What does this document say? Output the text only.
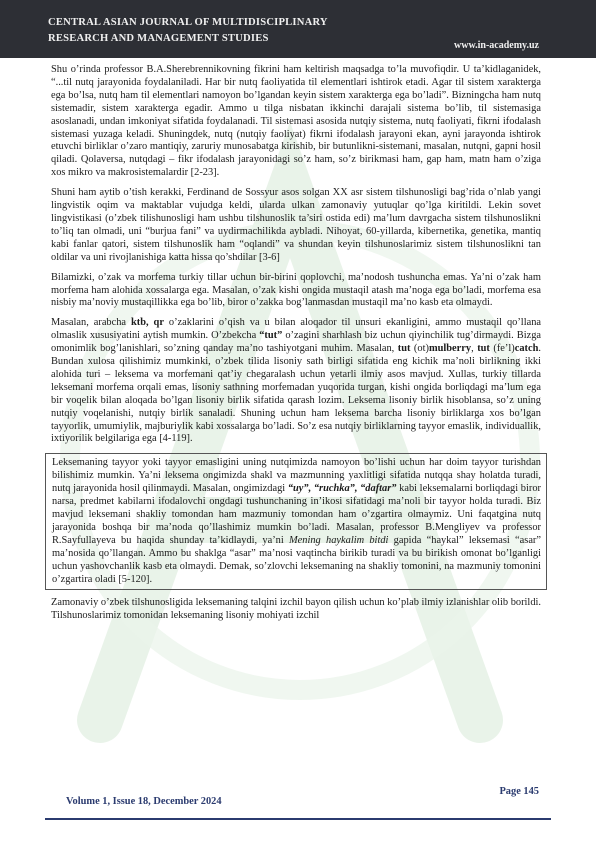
CENTRAL ASIAN JOURNAL OF MULTIDISCIPLINARY
RESEARCH AND MANAGEMENT STUDIES
www.in-academy.uz

Shu o’rinda professor B.A.Sherebrennikovning fikrini ham keltirish maqsadga to’la muvofiqdir. U ta’kidlaganidek, “...til nutq jarayonida foydalaniladi. Har bir nutq faoliyatida til elementlari ishtirok etadi. Agar til sistem xarakterga ega bo’lsa, nutq ham til elementlari namoyon bo’lgandan keyin sistem xarakterga ega bo’ladi”. Bizningcha ham nutq sistemadir, sistem xarakterga egadir. Ammo u tilga nisbatan ikkinchi darajali sistema bo’lib, til sistemasiga asoslanadi, undan imkoniyat sifatida foydalanadi. Til sistemasi asosida nutqiy sistema, nutq faoliyati, fikrni ifodalash sistemasi yuzaga keladi. Shuningdek, nutq (nutqiy faoliyat) fikrni ifodalash jarayoni ekan, ayni jarayonda ishtirok etuvchi birliklar o’zaro mantiqiy, zaruriy munosabatga kirishib, bir butunlikni-sistemani, masalan, nutqni, gapni hosil qiladi. Qolaversa, nutqdagi – fikr ifodalash jarayonidagi so’z ham, so’z birikmasi ham, gap ham, matn ham o’ziga xos mikro va makrosistemalardir [2-23].

Shuni ham aytib o’tish kerakki, Ferdinand de Sossyur asos solgan XX asr sistem tilshunosligi bag’rida o’nlab yangi lingvistik oqim va maktablar vujudga keldi, ularda ulkan zamonaviy yutuqlar qo’lga kiritildi. Lekin sovet lingvistikasi (o’zbek tilishunosligi ham ushbu tilshunoslik ta’siri ostida edi) ma’lum davrgacha sistem tilshunoslikni to’liq tan olmadi, uni “burjua fani” va uydirmachilikda aybladi. Nihoyat, 60-yillarda, kibernetika, genetika, mantiq kabi fanlar qatori, sistem tilshunoslik ham “oqlandi” va shundan keyin tilshunoslarimiz sistem tilshunoslikni tan oldilar va uni rivojlanishiga katta hissa qo’shdilar [3-6]

Bilamizki, o’zak va morfema turkiy tillar uchun bir-birini qoplovchi, ma’nodosh tushuncha emas. Ya’ni o’zak ham morfema ham alohida xossalarga ega. Masalan, o’zak kishi ongida mustaqil atash ma’noga ega bo’ladi, morfema esa nisbiy ma’noviy mustaqillikka ega bo’lib, biror o’zakka bog’lanmasdan mustaqil ma’no kasb eta olmaydi.

Masalan, arabcha ktb, qr o’zaklarini o’qish va u bilan aloqador til unsuri ekanligini, ammo mustaqil qo’llana olmaslik xususiyatini aytish mumkin. O’zbekcha “tut” o’zagini sharhlash biz uchun qiyinchilik tug’dirmaydi. Bizga omonimlik bog’lanishlari, so’zning qanday ma’no tashiyotgani muhim. Masalan, tut (ot)mulberry, tut (fe’l)catch. Bundan xulosa qilishimiz mumkinki, o’zbek tilida lisoniy sath birligi sifatida eng kichik ma’noli birlikning ikki alohida turi – leksema va morfemani qat’iy chegaralash uchun yetarli ilmiy asos mavjud. Xullas, turkiy tillarda leksemani morfema orqali emas, lisoniy sathning morfemadan yuqorida turgan, kishi ongida borliqdagi ma’lum ega bir voqelik bilan aloqada bo’lgan lisoniy birlik sifatida qarash lozim. Leksema lisoniy birlik hisoblansa, so’z uning nutqiy voqelanishi, nutqiy birlik sanaladi. Shuning uchun ham leksema barcha lisoniy birliklarga xos bo’lgan tayyorlik, umumiylik, majburiylik kabi xossalarga bo’ladi. So’z esa nutqiy birliklarning tayyor emaslik, individuallik, ixtiyorilik belgilariga ega [4-119].

Leksemaning tayyor yoki tayyor emasligini uning nutqimizda namoyon bo’lishi uchun har doim tayyor turishdan bilishimiz mumkin. Ya’ni leksema ongimizda shakl va mazmunning yaxlitligi sifatida nutqqa shay holatda turadi, nutq jarayonida hosil qilinmaydi. Masalan, ongimizdagi “uy”, “ruchka”, “daftar” kabi leksemalarni borliqdagi biror narsa, predmet kabilarni ifodalovchi ongdagi tushunchaning in’ikosi sifatidagi ma’noli bir tayyor holda turadi. Biz mavjud leksemani shakliy tomondan ham mazmuniy tomondan ham o’zgartira olmaymiz. Uni faqatgina nutq jarayonida boshqa bir ma’noda qo’llashimiz mumkin bo’ladi. Masalan, professor B.Mengliyev va professor R.Sayfullayeva bu haqida shunday ta’kidlaydi, ya’ni Mening haykalim bitdi gapida “haykal” leksemasi “asar” ma’nosida qo’llangan. Ammo bu shaklga “asar” ma’nosi vaqtincha birikib turadi va bu birikish omonat bo’lganligi uchun yashovchanlik kasb eta olmaydi. Demak, so’zlovchi leksemaning na shakliy tomonini, na mazmuniy tomonini o’zgartira oladi [5-120].

Zamonaviy o’zbek tilshunosligida leksemaning talqini izchil bayon qilish uchun ko’plab ilmiy izlanishlar olib borildi. Tilshunoslarimiz tomonidan leksemaning lisoniy mohiyati izchil

Page 145
Volume 1, Issue 18, December 2024
